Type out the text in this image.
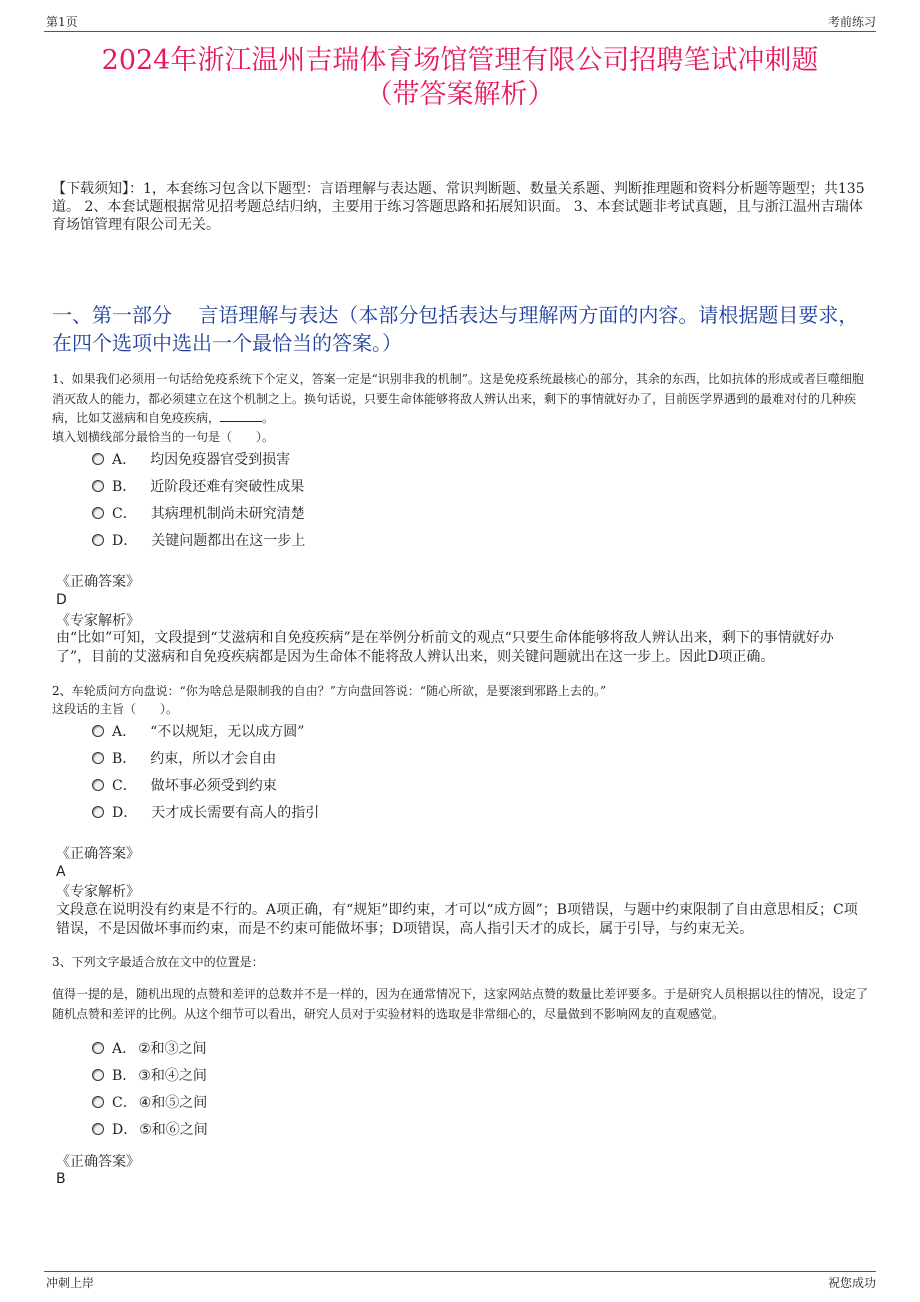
第1页	考前练习
2024年浙江温州吉瑞体育场馆管理有限公司招聘笔试冲刺题
（带答案解析）
【下载须知】：1，本套练习包含以下题型：言语理解与表达题、常识判断题、数量关系题、判断推理题和资料分析题等题型；共135道。 2、本套试题根据常见招考题总结归纳，主要用于练习答题思路和拓展知识面。 3、本套试题非考试真题，且与浙江温州吉瑞体育场馆管理有限公司无关。
一、第一部分　 言语理解与表达（本部分包括表达与理解两方面的内容。请根据题目要求，在四个选项中选出一个最恰当的答案。）
1、如果我们必须用一句话给免疫系统下个定义，答案一定是“识别非我的机制”。这是免疫系统最核心的部分，其余的东西，比如抗体的形成或者巨噬细胞消灭敌人的能力，都必须建立在这个机制之上。换句话说，只要生命体能够将敌人辨认出来，剩下的事情就好办了，目前医学界遇到的最难对付的几种疾病，比如艾滋病和自免疫疾病，	。
填入划横线部分最恰当的一句是（　　）。
A． 均因免疫器官受到损害
B． 近阶段还难有突破性成果
C． 其病理机制尚未研究清楚
D． 关键问题都出在这一步上
《正确答案》
D
《专家解析》
由“比如”可知，文段提到“艾滋病和自免疫疾病”是在举例分析前文的观点“只要生命体能够将敌人辨认出来，剩下的事情就好办了”，目前的艾滋病和自免疫疾病都是因为生命体不能将敌人辨认出来，则关键问题就出在这一步上。因此D项正确。
2、车轮质问方向盘说：“你为啥总是限制我的自由？”方向盘回答说：“随心所欲，是要滚到邪路上去的。”
这段话的主旨（　　）。
A． “不以规矩，无以成方圆”
B． 约束，所以才会自由
C． 做坏事必须受到约束
D． 天才成长需要有高人的指引
《正确答案》
A
《专家解析》
文段意在说明没有约束是不行的。A项正确，有“规矩”即约束，才可以“成方圆”；B项错误，与题中约束限制了自由意思相反；C项错误，不是因做坏事而约束，而是不约束可能做坏事；D项错误，高人指引天才的成长，属于引导，与约束无关。
3、下列文字最适合放在文中的位置是：
值得一提的是，随机出现的点赞和差评的总数并不是一样的，因为在通常情况下，这家网站点赞的数量比差评要多。于是研究人员根据以往的情况，设定了随机点赞和差评的比例。从这个细节可以看出，研究人员对于实验材料的选取是非常细心的，尽量做到不影响网友的直观感觉。
A． ②和③之间
B． ③和④之间
C． ④和⑤之间
D． ⑤和⑥之间
《正确答案》
B
冲刺上岸	祝您成功
